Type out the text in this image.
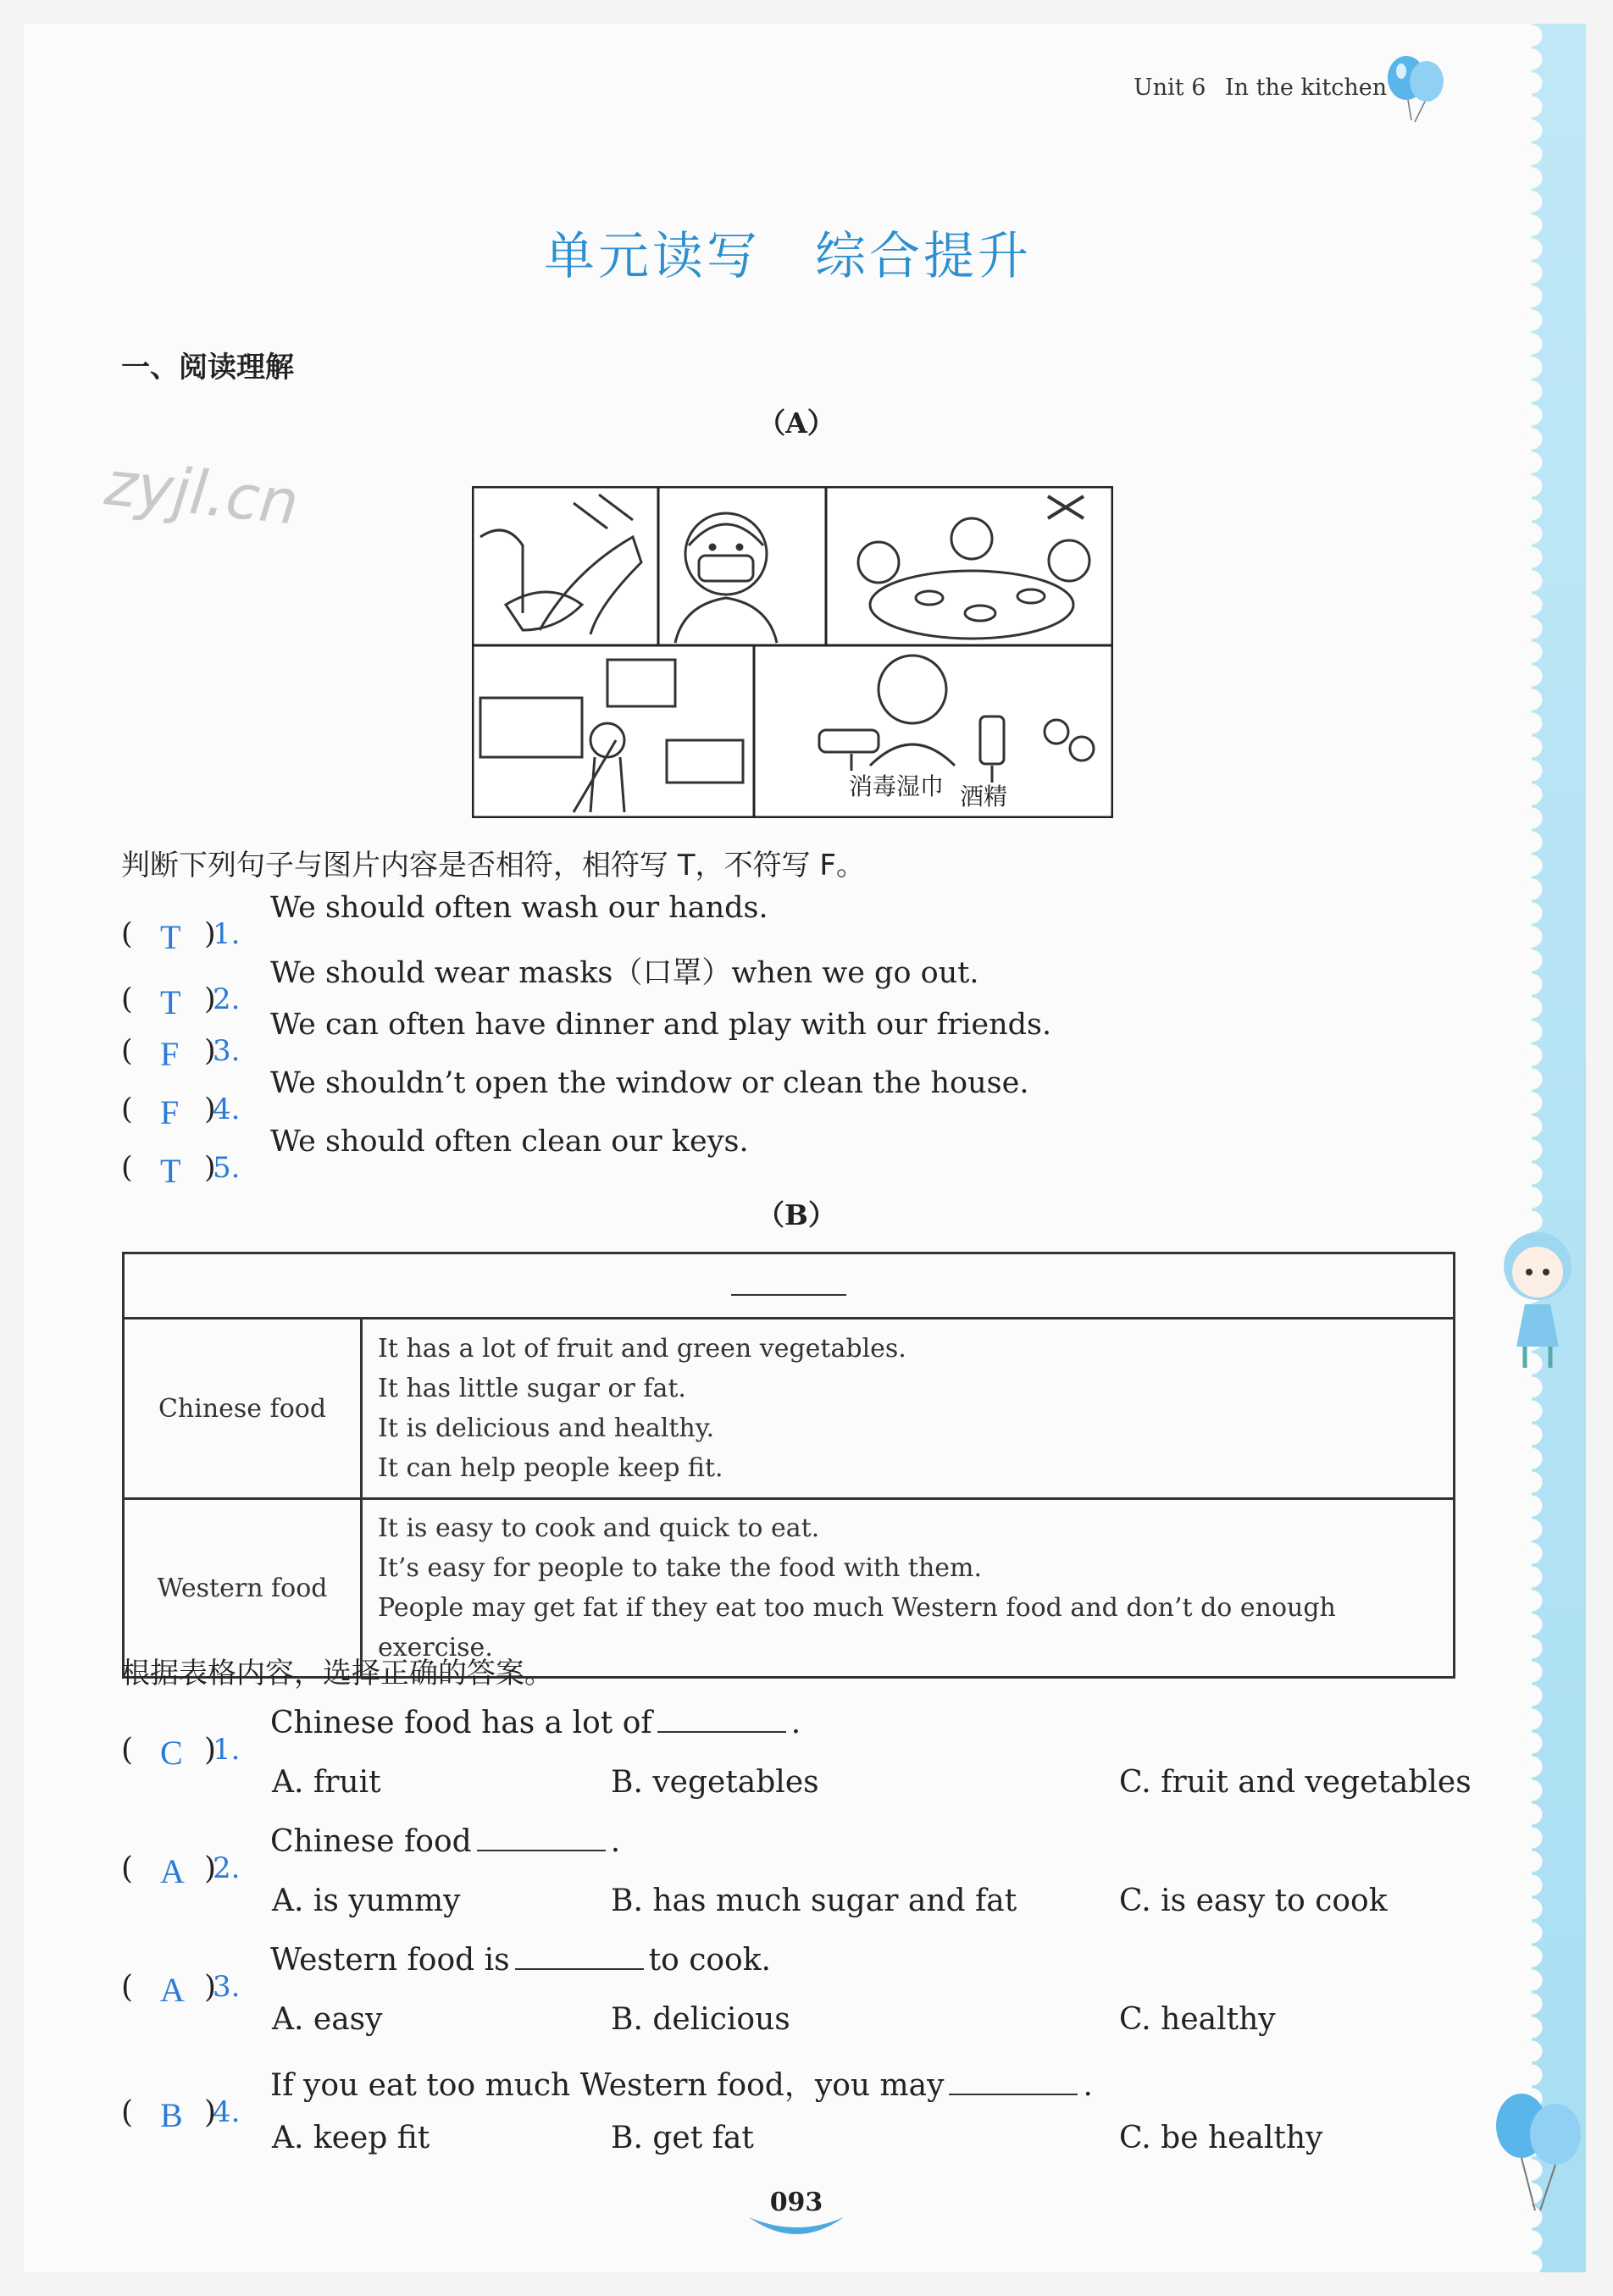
Unit 6 In the kitchen
单元读写　综合提升
一、阅读理解
（A）
zyjl.cn
消毒湿巾 酒精
判断下列句子与图片内容是否相符，相符写 T，不符写 F。
( T )
1.
We should often wash our hands.
( T )
2.
We should wear masks（口罩）when we go out.
( F )
3.
We can often have dinner and play with our friends.
( F )
4.
We shouldn’t open the window or clean the house.
( T )
5.
We should often clean our keys.
（B）

Chinese food	It has a lot of fruit and green vegetables.
It has little sugar or fat.
It is delicious and healthy.
It can help people keep fit.

Western food	It is easy to cook and quick to eat.
It’s easy for people to take the food with them.
People may get fat if they eat too much Western food and don’t do enough exercise.
根据表格内容，选择正确的答案。
( C )
1.
Chinese food has a lot of	.
A. fruit	B. vegetables	C. fruit and vegetables
( A )
2.
Chinese food	.
A. is yummy	B. has much sugar and fat	C. is easy to cook
( A )
3.
Western food is	to cook.
A. easy	B. delicious	C. healthy
( B )
4.
If you eat too much Western food，you may	.
A. keep fit	B. get fat	C. be healthy
093
